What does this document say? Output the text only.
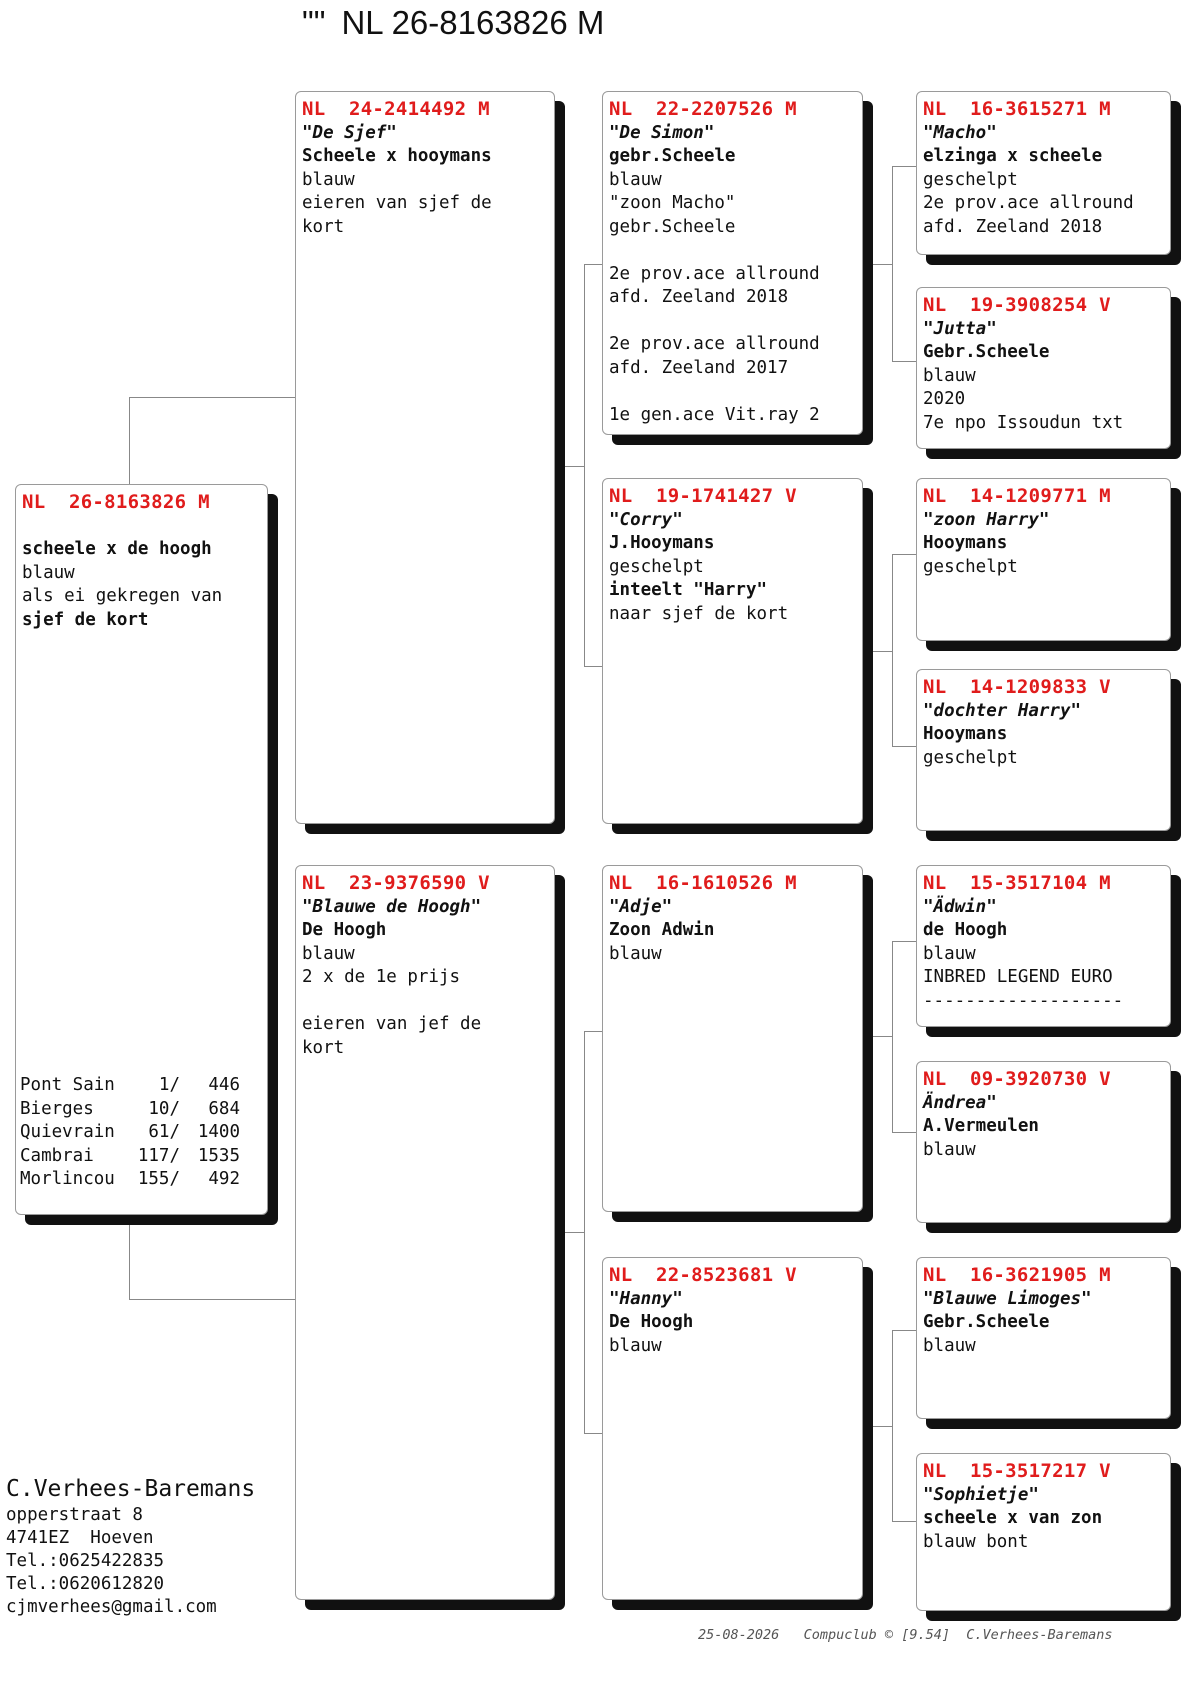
"" NL 26-8163826 M
NL  26-8163826 M
scheele x de hoogh
blauw
als ei gekregen van
sjef de kort
Pont Sain	1/	446
Bierges	10/	684
Quievrain	61/	1400
Cambrai	117/	1535
Morlincou	155/	492
NL  24-2414492 M
"De Sjef"
Scheele x hooymans
blauw
eieren van sjef de
kort
NL  23-9376590 V
"Blauwe de Hoogh"
De Hoogh
blauw
2 x de 1e prijs
eieren van jef de
kort
NL  22-2207526 M
"De Simon"
gebr.Scheele
blauw
"zoon Macho"
gebr.Scheele
2e prov.ace allround
afd. Zeeland 2018
2e prov.ace allround
afd. Zeeland 2017
1e gen.ace Vit.ray 2
NL  19-1741427 V
"Corry"
J.Hooymans
geschelpt
inteelt "Harry"
naar sjef de kort
NL  16-1610526 M
"Adje"
Zoon Adwin
blauw
NL  22-8523681 V
"Hanny"
De Hoogh
blauw
NL  16-3615271 M
"Macho"
elzinga x scheele
geschelpt
2e prov.ace allround
afd. Zeeland 2018
NL  19-3908254 V
"Jutta"
Gebr.Scheele
blauw
2020
7e npo Issoudun txt
NL  14-1209771 M
"zoon Harry"
Hooymans
geschelpt
NL  14-1209833 V
"dochter Harry"
Hooymans
geschelpt
NL  15-3517104 M
"Ädwin"
de Hoogh
blauw
INBRED LEGEND EURO
-------------------
NL  09-3920730 V
Ändrea"
A.Vermeulen
blauw
NL  16-3621905 M
"Blauwe Limoges"
Gebr.Scheele
blauw
NL  15-3517217 V
"Sophietje"
scheele x van zon
blauw bont
C.Verhees-Baremans
opperstraat 8
4741EZ  Hoeven
Tel.:0625422835
Tel.:0620612820
cjmverhees@gmail.com
25-08-2026   Compuclub © [9.54]  C.Verhees-Baremans
